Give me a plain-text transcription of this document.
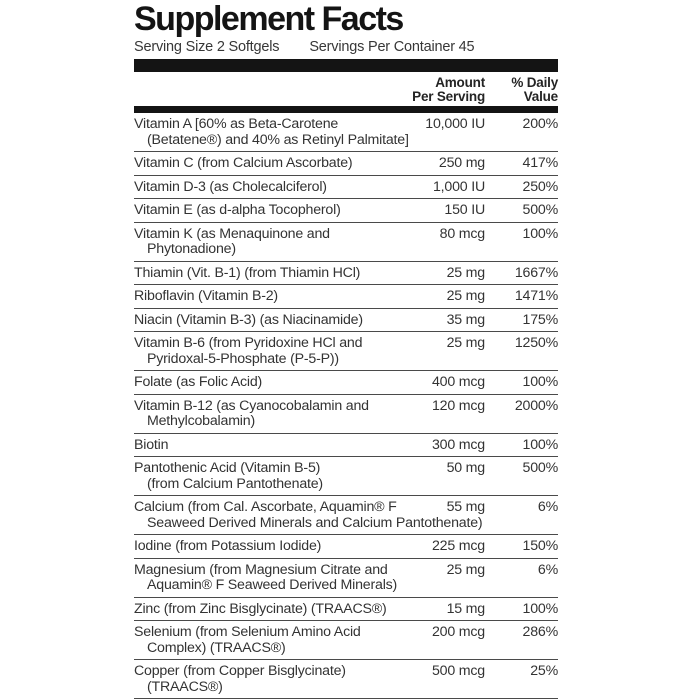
Supplement Facts
Serving Size 2 Softgels Servings Per Container 45
Amount
Per Serving
% Daily
Value
Vitamin A [60% as Beta-Carotene	10,000 IU	200%
(Betatene®) and 40% as Retinyl Palmitate]
Vitamin C (from Calcium Ascorbate)	250 mg	417%
Vitamin D-3 (as Cholecalciferol)	1,000 IU	250%
Vitamin E (as d-alpha Tocopherol)	150 IU	500%
Vitamin K (as Menaquinone and	80 mcg	100%
Phytonadione)
Thiamin (Vit. B-1) (from Thiamin HCl)	25 mg	1667%
Riboflavin (Vitamin B-2)	25 mg	1471%
Niacin (Vitamin B-3) (as Niacinamide)	35 mg	175%
Vitamin B-6 (from Pyridoxine HCl and	25 mg	1250%
Pyridoxal-5-Phosphate (P-5-P))
Folate (as Folic Acid)	400 mcg	100%
Vitamin B-12 (as Cyanocobalamin and	120 mcg	2000%
Methylcobalamin)
Biotin	300 mcg	100%
Pantothenic Acid (Vitamin B-5)	50 mg	500%
(from Calcium Pantothenate)
Calcium (from Cal. Ascorbate, Aquamin® F	55 mg	6%
Seaweed Derived Minerals and Calcium Pantothenate)
Iodine (from Potassium Iodide)	225 mcg	150%
Magnesium (from Magnesium Citrate and	25 mg	6%
Aquamin® F Seaweed Derived Minerals)
Zinc (from Zinc Bisglycinate) (TRAACS®)	15 mg	100%
Selenium (from Selenium Amino Acid	200 mcg	286%
Complex) (TRAACS®)
Copper (from Copper Bisglycinate)	500 mcg	25%
(TRAACS®)
